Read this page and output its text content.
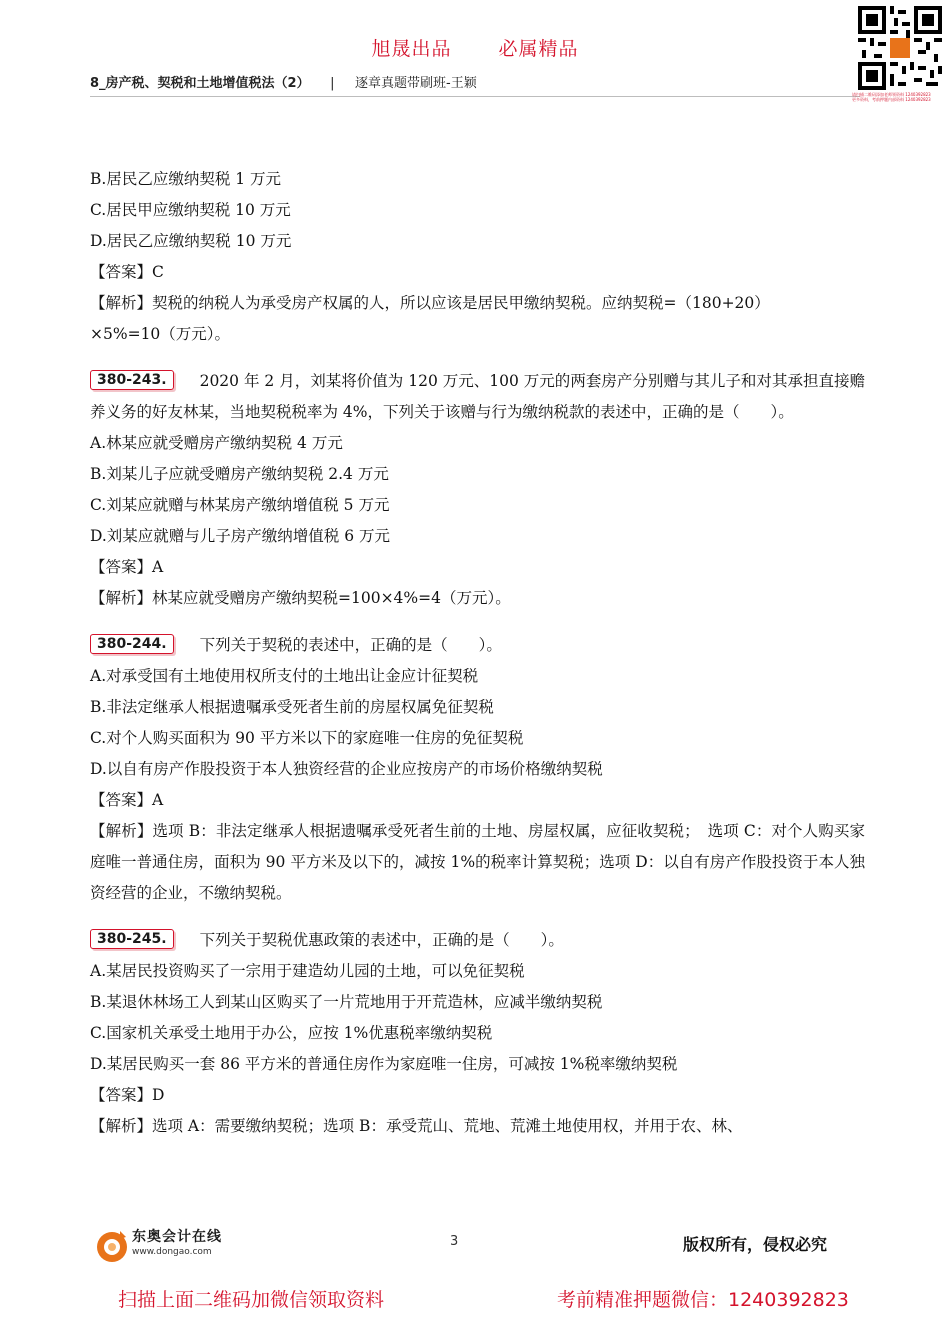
旭晟出品 必属精品
8_房产税、契税和土地增值税法（2） | 逐章真题带刷班-王颖
请扫描二维码添加老师领资料 1240392823
更多资料，考前押题内部资料 1240392823
B.居民乙应缴纳契税 1 万元
C.居民甲应缴纳契税 10 万元
D.居民乙应缴纳契税 10 万元
【答案】C
【解析】契税的纳税人为承受房产权属的人，所以应该是居民甲缴纳契税。应纳契税=（180+20）
×5%=10（万元）。
380-243. 2020 年 2 月，刘某将价值为 120 万元、100 万元的两套房产分别赠与其儿子和对其承担直接赡养义务的好友林某，当地契税税率为 4%，下列关于该赠与行为缴纳税款的表述中，正确的是（　　）。
A.林某应就受赠房产缴纳契税 4 万元
B.刘某儿子应就受赠房产缴纳契税 2.4 万元
C.刘某应就赠与林某房产缴纳增值税 5 万元
D.刘某应就赠与儿子房产缴纳增值税 6 万元
【答案】A
【解析】林某应就受赠房产缴纳契税=100×4%=4（万元）。
380-244. 下列关于契税的表述中，正确的是（　　）。
A.对承受国有土地使用权所支付的土地出让金应计征契税
B.非法定继承人根据遗嘱承受死者生前的房屋权属免征契税
C.对个人购买面积为 90 平方米以下的家庭唯一住房的免征契税
D.以自有房产作股投资于本人独资经营的企业应按房产的市场价格缴纳契税
【答案】A
【解析】选项 B：非法定继承人根据遗嘱承受死者生前的土地、房屋权属，应征收契税；　选项 C：对个人购买家庭唯一普通住房，面积为 90 平方米及以下的，减按 1%的税率计算契税；选项 D：以自有房产作股投资于本人独资经营的企业，不缴纳契税。
380-245. 下列关于契税优惠政策的表述中，正确的是（　　）。
A.某居民投资购买了一宗用于建造幼儿园的土地，可以免征契税
B.某退休林场工人到某山区购买了一片荒地用于开荒造林，应减半缴纳契税
C.国家机关承受土地用于办公，应按 1%优惠税率缴纳契税
D.某居民购买一套 86 平方米的普通住房作为家庭唯一住房，可减按 1%税率缴纳契税
【答案】D
【解析】选项 A：需要缴纳契税；选项 B：承受荒山、荒地、荒滩土地使用权，并用于农、林、
东奥会计在线
www.dongao.com
3	版权所有，侵权必究
扫描上面二维码加微信领取资料	考前精准押题微信：1240392823
